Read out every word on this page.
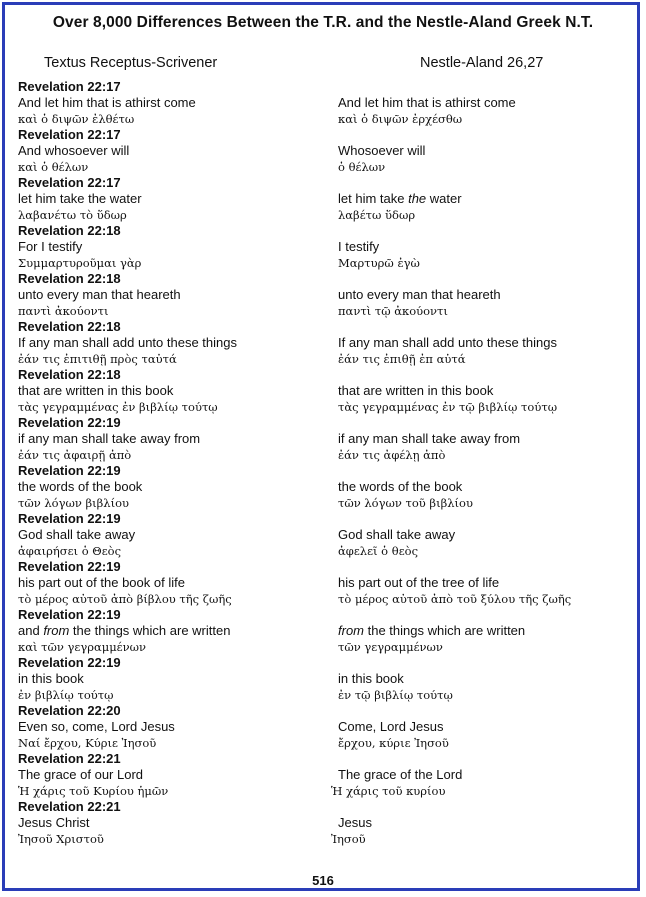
Over 8,000 Differences Between the T.R. and the Nestle-Aland Greek N.T.
Textus Receptus-Scrivener	Nestle-Aland 26,27
Revelation 22:17
And let him that is athirst come
καὶ ὁ διψῶν ἐλθέτω
And let him that is athirst come
καὶ ὁ διψῶν ἐρχέσθω
Revelation 22:17
And whosoever will
καὶ ὁ θέλων
Whosoever will
ὁ θέλων
Revelation 22:17
let him take the water
λαβανέτω τὸ ὕδωρ
let him take the water
λαβέτω ὕδωρ
Revelation 22:18
For I testify
Συμμαρτυροῦμαι γὰρ
I testify
Μαρτυρῶ ἐγὼ
Revelation 22:18
unto every man that heareth
παντὶ ἀκούοντι
unto every man that heareth
παντὶ τῷ ἀκούοντι
Revelation 22:18
If any man shall add unto these things
ἐάν τις ἐπιτιθῇ πρὸς ταὐτά
If any man shall add unto these things
ἐάν τις ἐπιθῇ ἐπ αὐτά
Revelation 22:18
that are written in this book
τὰς γεγραμμένας ἐν βιβλίῳ τούτῳ
that are written in this book
τὰς γεγραμμένας ἐν τῷ βιβλίῳ τούτῳ
Revelation 22:19
if any man shall take away from
ἐάν τις ἀφαιρῇ ἀπὸ
if any man shall take away from
ἐάν τις ἀφέλῃ ἀπὸ
Revelation 22:19
the words of the book
τῶν λόγων βιβλίου
the words of the book
τῶν λόγων τοῦ βιβλίου
Revelation 22:19
God shall take away
ἀφαιρήσει ὁ Θεὸς
God shall take away
ἀφελεῖ ὁ θεὸς
Revelation 22:19
his part out of the book of life
τὸ μέρος αὐτοῦ ἀπὸ βίβλου τῆς ζωῆς
his part out of the tree of life
τὸ μέρος αὐτοῦ ἀπὸ τοῦ ξύλου τῆς ζωῆς
Revelation 22:19
and from the things which are written
καὶ τῶν γεγραμμένων
from the things which are written
τῶν γεγραμμένων
Revelation 22:19
in this book
ἐν βιβλίῳ τούτῳ
in this book
ἐν τῷ βιβλίῳ τούτῳ
Revelation 22:20
Even so, come, Lord Jesus
Ναί ἔρχου, Κύριε Ἰησοῦ
Come, Lord Jesus
ἔρχου, κύριε Ἰησοῦ
Revelation 22:21
The grace of our Lord
Ἡ χάρις τοῦ Κυρίου ἡμῶν
The grace of the Lord
Ἡ χάρις τοῦ κυρίου
Revelation 22:21
Jesus Christ
Ἰησοῦ Χριστοῦ
Jesus
Ἰησοῦ
516
